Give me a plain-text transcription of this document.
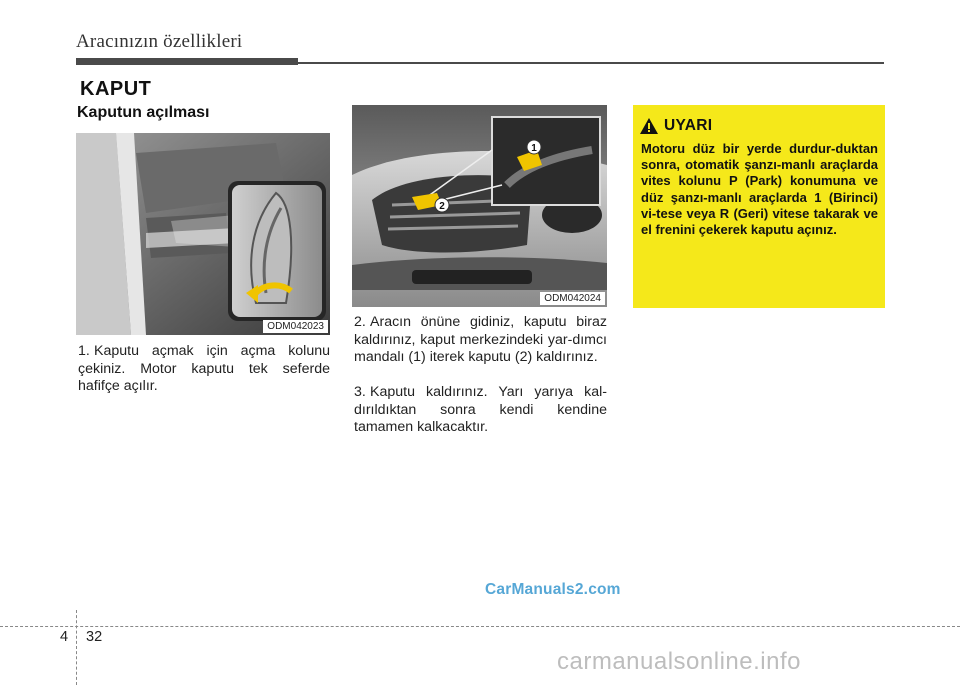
Aracınızın özellikleri
KAPUT
Kaputun açılması
ODM042023
1
2
ODM042024
1. Kaputu açmak için açma kolunu çekiniz. Motor kaputu tek seferde hafifçe açılır.
2. Aracın önüne gidiniz, kaputu biraz kaldırınız, kaput merkezindeki yar-dımcı mandalı (1) iterek kaputu (2) kaldırınız.
3. Kaputu kaldırınız. Yarı yarıya kal-dırıldıktan sonra kendi kendine tamamen kalkacaktır.
UYARI
Motoru düz bir yerde durdur-duktan sonra, otomatik şanzı-manlı araçlarda vites kolunu P (Park) konumuna ve düz şanzı-manlı araçlarda 1 (Birinci) vi-tese veya R (Geri) vitese takarak ve el frenini çekerek kaputu açınız.
CarManuals2.com
4 32
carmanualsonline.info
